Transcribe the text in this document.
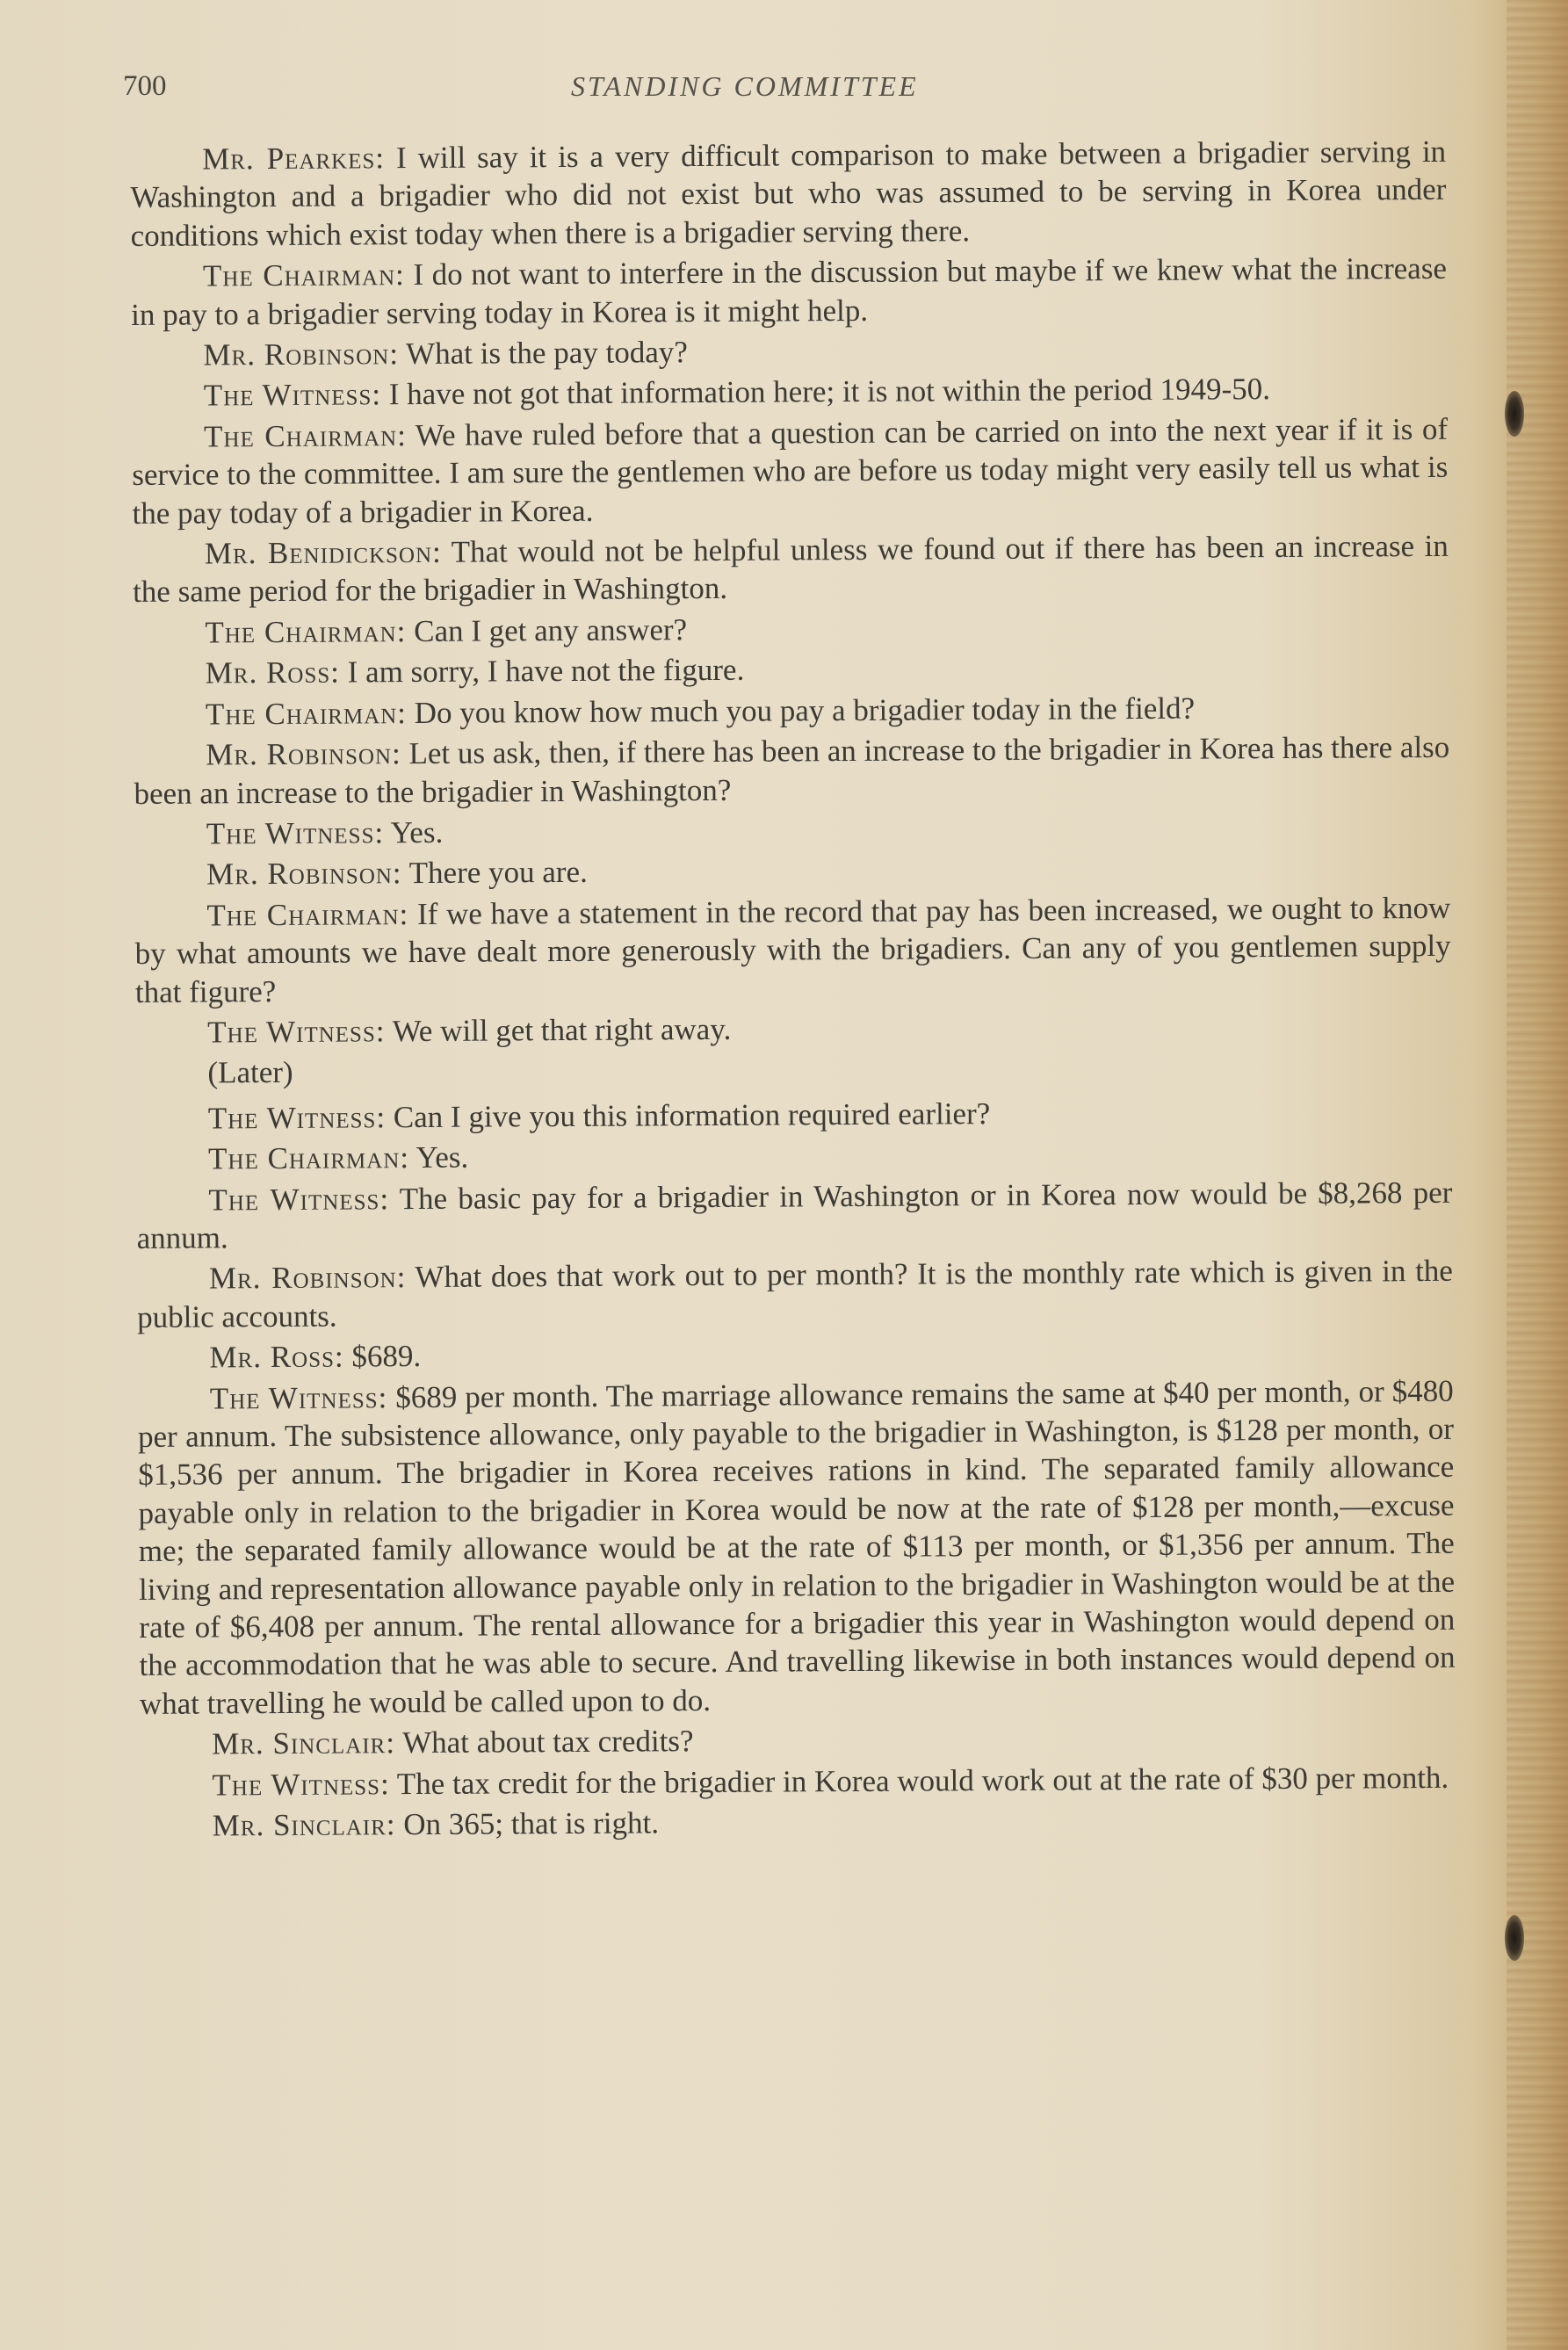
700	STANDING COMMITTEE

Mr. Pearkes: I will say it is a very difficult comparison to make between a brigadier serving in Washington and a brigadier who did not exist but who was assumed to be serving in Korea under conditions which exist today when there is a brigadier serving there.

The Chairman: I do not want to interfere in the discussion but maybe if we knew what the increase in pay to a brigadier serving today in Korea is it might help.

Mr. Robinson: What is the pay today?

The Witness: I have not got that information here; it is not within the period 1949-50.

The Chairman: We have ruled before that a question can be carried on into the next year if it is of service to the committee. I am sure the gentlemen who are before us today might very easily tell us what is the pay today of a brigadier in Korea.

Mr. Benidickson: That would not be helpful unless we found out if there has been an increase in the same period for the brigadier in Washington.

The Chairman: Can I get any answer?

Mr. Ross: I am sorry, I have not the figure.

The Chairman: Do you know how much you pay a brigadier today in the field?

Mr. Robinson: Let us ask, then, if there has been an increase to the brigadier in Korea has there also been an increase to the brigadier in Washington?

The Witness: Yes.

Mr. Robinson: There you are.

The Chairman: If we have a statement in the record that pay has been increased, we ought to know by what amounts we have dealt more generously with the brigadiers. Can any of you gentlemen supply that figure?

The Witness: We will get that right away.

(Later)

The Witness: Can I give you this information required earlier?

The Chairman: Yes.

The Witness: The basic pay for a brigadier in Washington or in Korea now would be $8,268 per annum.

Mr. Robinson: What does that work out to per month? It is the monthly rate which is given in the public accounts.

Mr. Ross: $689.

The Witness: $689 per month. The marriage allowance remains the same at $40 per month, or $480 per annum. The subsistence allowance, only payable to the brigadier in Washington, is $128 per month, or $1,536 per annum. The brigadier in Korea receives rations in kind. The separated family allowance payable only in relation to the brigadier in Korea would be now at the rate of $128 per month,—excuse me; the separated family allowance would be at the rate of $113 per month, or $1,356 per annum. The living and representation allowance payable only in relation to the brigadier in Washington would be at the rate of $6,408 per annum. The rental allowance for a brigadier this year in Washington would depend on the accommodation that he was able to secure. And travelling likewise in both instances would depend on what travelling he would be called upon to do.

Mr. Sinclair: What about tax credits?

The Witness: The tax credit for the brigadier in Korea would work out at the rate of $30 per month.

Mr. Sinclair: On 365; that is right.
